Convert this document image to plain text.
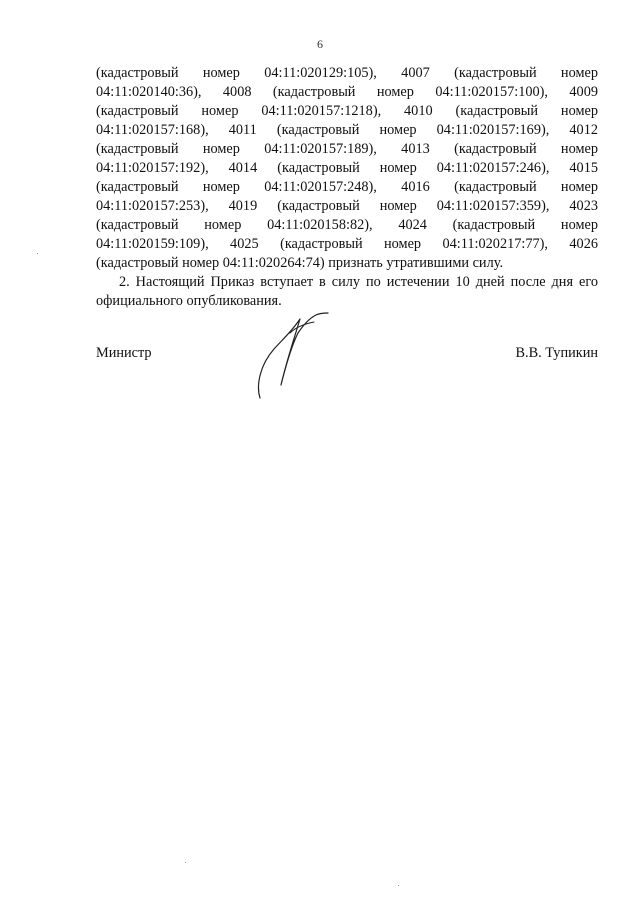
6
(кадастровый номер 04:11:020129:105), 4007 (кадастровый номер
04:11:020140:36), 4008 (кадастровый номер 04:11:020157:100), 4009
(кадастровый номер 04:11:020157:1218), 4010 (кадастровый номер
04:11:020157:168), 4011 (кадастровый номер 04:11:020157:169), 4012
(кадастровый номер 04:11:020157:189), 4013 (кадастровый номер
04:11:020157:192), 4014 (кадастровый номер 04:11:020157:246), 4015
(кадастровый номер 04:11:020157:248), 4016 (кадастровый номер
04:11:020157:253), 4019 (кадастровый номер 04:11:020157:359), 4023
(кадастровый номер 04:11:020158:82), 4024 (кадастровый номер
04:11:020159:109), 4025 (кадастровый номер 04:11:020217:77), 4026
(кадастровый номер 04:11:020264:74) признать утратившими силу.
2. Настоящий Приказ вступает в силу по истечении 10 дней после дня его
официального опубликования.
Министр	В.В. Тупикин
